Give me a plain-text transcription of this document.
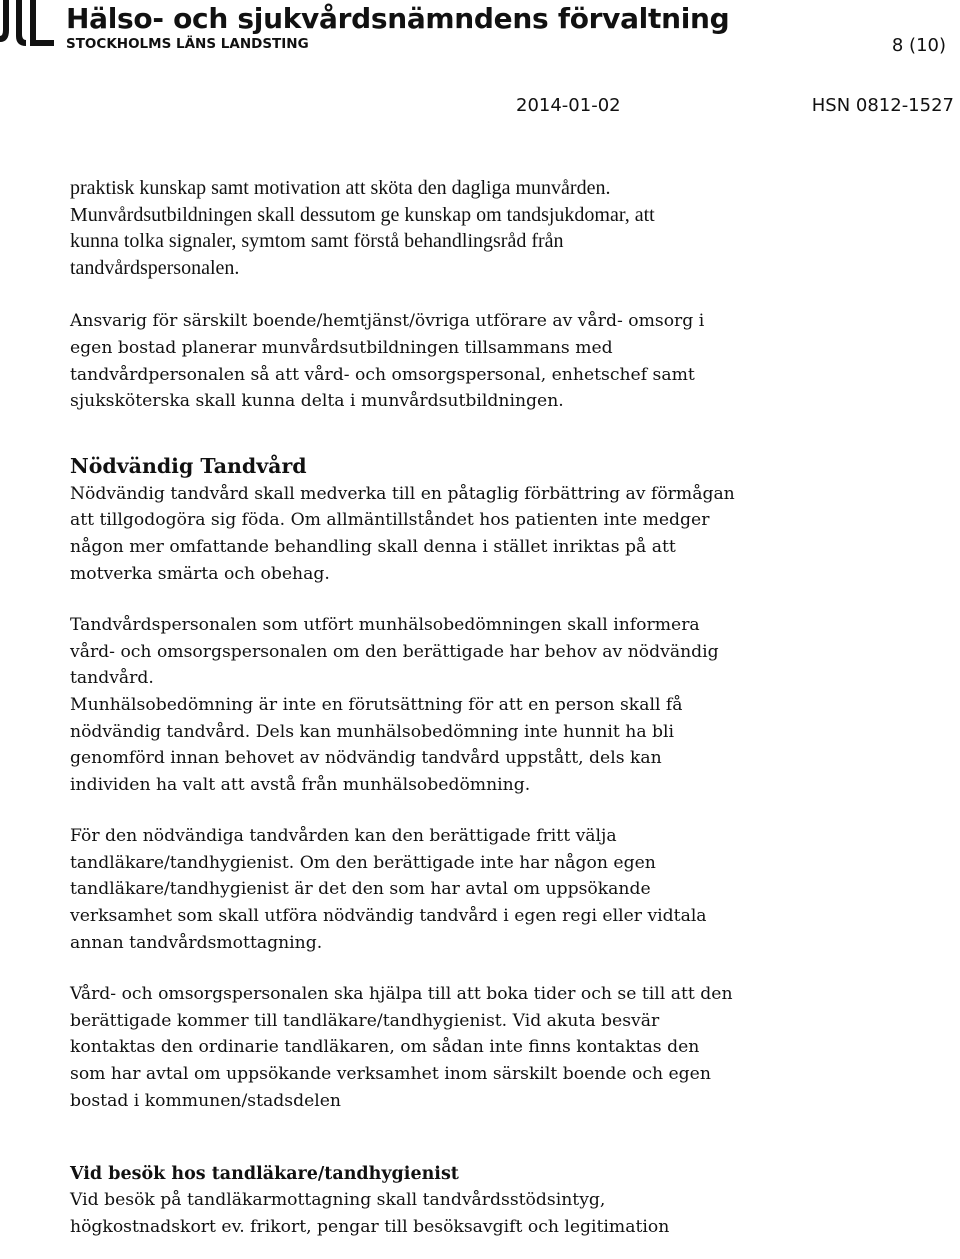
Hälso- och sjukvårdsnämndens förvaltning
STOCKHOLMS LÄNS LANDSTING	8 (10)
2014-01-02	HSN 0812-1527

praktisk kunskap samt motivation att sköta den dagliga munvården.

Munvårdsutbildningen skall dessutom ge kunskap om tandsjukdomar, att

kunna tolka signaler, symtom samt förstå behandlingsråd från

tandvårdspersonalen.

Ansvarig för särskilt boende/hemtjänst/övriga utförare av vård- omsorg i

egen bostad planerar munvårdsutbildningen tillsammans med

tandvårdpersonalen så att vård- och omsorgspersonal, enhetschef samt

sjuksköterska skall kunna delta i munvårdsutbildningen.

Nödvändig Tandvård

Nödvändig tandvård skall medverka till en påtaglig förbättring av förmågan

att tillgodogöra sig föda. Om allmäntillståndet hos patienten inte medger

någon mer omfattande behandling skall denna i stället inriktas på att

motverka smärta och obehag.

Tandvårdspersonalen som utfört munhälsobedömningen skall informera

vård- och omsorgspersonalen om den berättigade har behov av nödvändig

tandvård.

Munhälsobedömning är inte en förutsättning för att en person skall få

nödvändig tandvård. Dels kan munhälsobedömning inte hunnit ha bli

genomförd innan behovet av nödvändig tandvård uppstått, dels kan

individen ha valt att avstå från munhälsobedömning.

För den nödvändiga tandvården kan den berättigade fritt välja

tandläkare/tandhygienist. Om den berättigade inte har någon egen

tandläkare/tandhygienist är det den som har avtal om uppsökande

verksamhet som skall utföra nödvändig tandvård i egen regi eller vidtala

annan tandvårdsmottagning.

Vård- och omsorgspersonalen ska hjälpa till att boka tider och se till att den

berättigade kommer till tandläkare/tandhygienist. Vid akuta besvär

kontaktas den ordinarie tandläkaren, om sådan inte finns kontaktas den

som har avtal om uppsökande verksamhet inom särskilt boende och egen

bostad i kommunen/stadsdelen

Vid besök hos tandläkare/tandhygienist

Vid besök på tandläkarmottagning skall tandvårdsstödsintyg,

högkostnadskort ev. frikort, pengar till besöksavgift och legitimation
